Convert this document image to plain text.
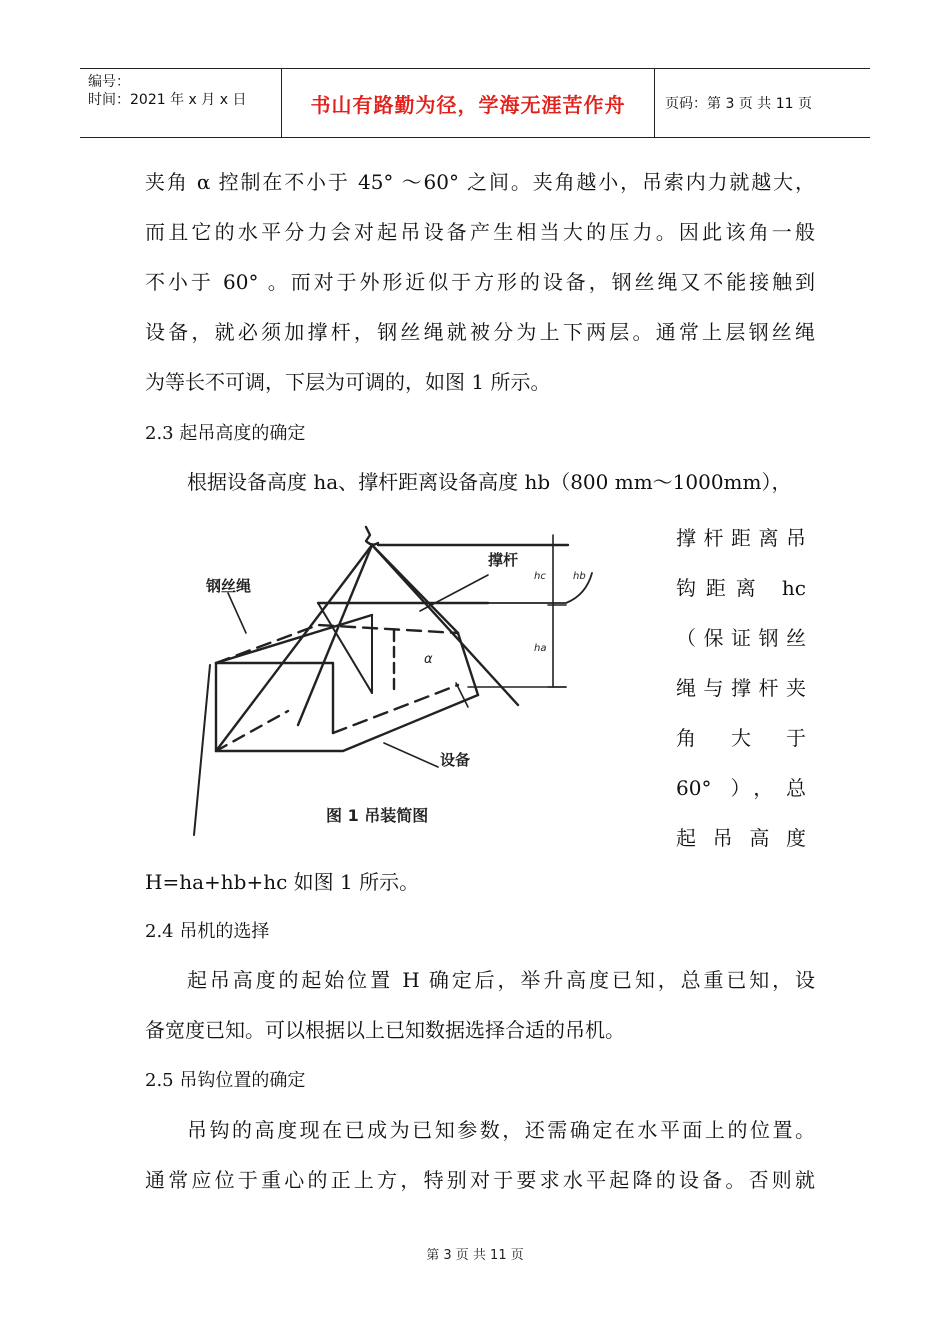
编号：
时间：2021 年 x 月 x 日	书山有路勤为径，学海无涯苦作舟	页码：第 3 页 共 11 页
夹角 α 控制在不小于 45° ～60° 之间。夹角越小，吊索内力就越大，
而且它的水平分力会对起吊设备产生相当大的压力。因此该角一般
不小于 60° 。而对于外形近似于方形的设备，钢丝绳又不能接触到
设备，就必须加撑杆，钢丝绳就被分为上下两层。通常上层钢丝绳
为等长不可调，下层为可调的，如图 1 所示。
2.3 起吊高度的确定
根据设备高度 ha、撑杆距离设备高度 hb（800 mm～1000mm），
钢丝绳
撑杆
设备
α
hc
ha
hb
图 1 吊装简图
撑杆距离吊
钩距离 hc
（保证钢丝
绳与撑杆夹
角大于
60° ），总
起吊高度
H=ha+hb+hc 如图 1 所示。
2.4 吊机的选择
起吊高度的起始位置 H 确定后，举升高度已知，总重已知，设
备宽度已知。可以根据以上已知数据选择合适的吊机。
2.5 吊钩位置的确定
吊钩的高度现在已成为已知参数，还需确定在水平面上的位置。
通常应位于重心的正上方，特别对于要求水平起降的设备。否则就
第 3 页 共 11 页
